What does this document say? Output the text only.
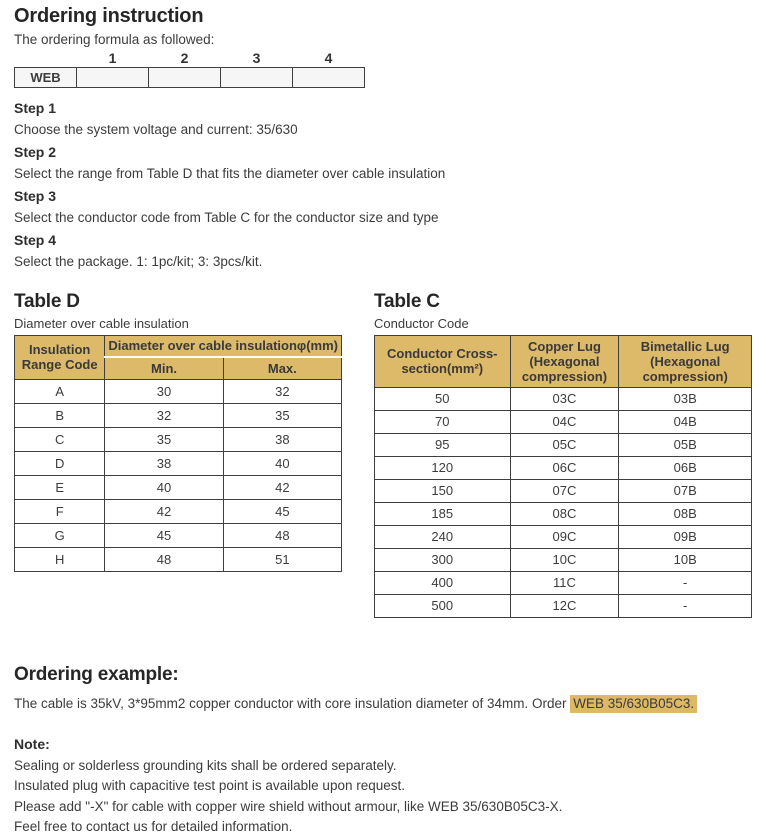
Ordering instruction

The ordering formula as followed:

	1	2	3	4
WEB				
Step 1

Choose the system voltage and current: 35/630

Step 2

Select the range from Table D that fits the diameter over cable insulation

Step 3

Select the conductor code from Table C for the conductor size and type

Step 4

Select the package. 1: 1pc/kit; 3: 3pcs/kit.

Table D

Diameter over cable insulation

Insulation Range Code	Diameter over cable insulationφ(mm)	
	Min.	Max.
A	30	32
B	32	35
C	35	38
D	38	40
E	40	42
F	42	45
G	45	48
H	48	51
Table C

Conductor Code

Conductor Cross-section(mm²)	Copper Lug (Hexagonal compression)	Bimetallic Lug (Hexagonal compression)
50	03C	03B
70	04C	04B
95	05C	05B
120	06C	06B
150	07C	07B
185	08C	08B
240	09C	09B
300	10C	10B
400	11C	-
500	12C	-
Ordering example:

The cable is 35kV, 3*95mm2 copper conductor with core insulation diameter of 34mm. Order WEB 35/630B05C3.

Note:

Sealing or solderless grounding kits shall be ordered separately.

Insulated plug with capacitive test point is available upon request.

Please add "-X" for cable with copper wire shield without armour, like WEB 35/630B05C3-X.

Feel free to contact us for detailed information.
